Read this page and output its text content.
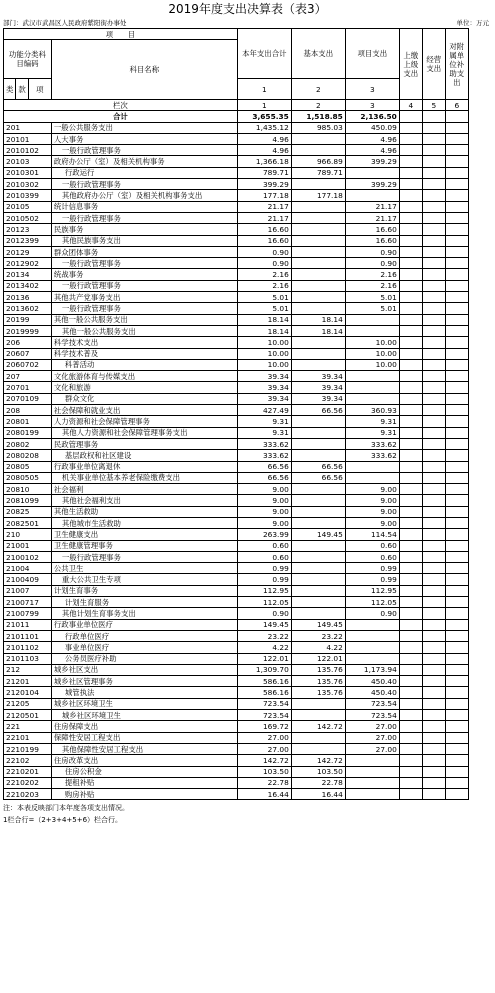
2019年度支出决算表（表3）
部门：武汉市武昌区人民政府紫阳街办事处	单位：万元
项　　目				本年支出合计	基本支出	项目支出	上缴上级支出	经营支出	对附属单位补助支出
功能分类科目编码			科目名称						
类	款	项		1	2	3			
栏次				1	2	3	4	5	6
合计				3,655.35	1,518.85	2,136.50			
201			一般公共服务支出	1,435.12	985.03	450.09			
20101			人大事务	4.96		4.96			
2010102			一般行政管理事务	4.96		4.96			
20103			政府办公厅（室）及相关机构事务	1,366.18	966.89	399.29			
2010301			行政运行	789.71	789.71				
2010302			一般行政管理事务	399.29		399.29			
2010399			其他政府办公厅（室）及相关机构事务支出	177.18	177.18				
20105			统计信息事务	21.17		21.17			
2010502			一般行政管理事务	21.17		21.17			
20123			民族事务	16.60		16.60			
2012399			其他民族事务支出	16.60		16.60			
20129			群众团体事务	0.90		0.90			
2012902			一般行政管理事务	0.90		0.90			
20134			统战事务	2.16		2.16			
2013402			一般行政管理事务	2.16		2.16			
20136			其他共产党事务支出	5.01		5.01			
2013602			一般行政管理事务	5.01		5.01			
20199			其他一般公共服务支出	18.14	18.14				
2019999			其他一般公共服务支出	18.14	18.14				
206			科学技术支出	10.00		10.00			
20607			科学技术普及	10.00		10.00			
2060702			科普活动	10.00		10.00			
207			文化旅游体育与传媒支出	39.34	39.34				
20701			文化和旅游	39.34	39.34				
2070109			群众文化	39.34	39.34				
208			社会保障和就业支出	427.49	66.56	360.93			
20801			人力资源和社会保障管理事务	9.31		9.31			
2080199			其他人力资源和社会保障管理事务支出	9.31		9.31			
20802			民政管理事务	333.62		333.62			
2080208			基层政权和社区建设	333.62		333.62			
20805			行政事业单位离退休	66.56	66.56				
2080505			机关事业单位基本养老保险缴费支出	66.56	66.56				
20810			社会福利	9.00		9.00			
2081099			其他社会福利支出	9.00		9.00			
20825			其他生活救助	9.00		9.00			
2082501			其他城市生活救助	9.00		9.00			
210			卫生健康支出	263.99	149.45	114.54			
21001			卫生健康管理事务	0.60		0.60			
2100102			一般行政管理事务	0.60		0.60			
21004			公共卫生	0.99		0.99			
2100409			重大公共卫生专项	0.99		0.99			
21007			计划生育事务	112.95		112.95			
2100717			计划生育服务	112.05		112.05			
2100799			其他计划生育事务支出	0.90		0.90			
21011			行政事业单位医疗	149.45	149.45				
2101101			行政单位医疗	23.22	23.22				
2101102			事业单位医疗	4.22	4.22				
2101103			公务员医疗补助	122.01	122.01				
212			城乡社区支出	1,309.70	135.76	1,173.94			
21201			城乡社区管理事务	586.16	135.76	450.40			
2120104			城管执法	586.16	135.76	450.40			
21205			城乡社区环境卫生	723.54		723.54			
2120501			城乡社区环境卫生	723.54		723.54			
221			住房保障支出	169.72	142.72	27.00			
22101			保障性安居工程支出	27.00		27.00			
2210199			其他保障性安居工程支出	27.00		27.00			
22102			住房改革支出	142.72	142.72				
2210201			住房公积金	103.50	103.50				
2210202			提租补贴	22.78	22.78				
2210203			购房补贴	16.44	16.44				
注：本表反映部门本年度各项支出情况。
1栏合行=（2+3+4+5+6）栏合行。
